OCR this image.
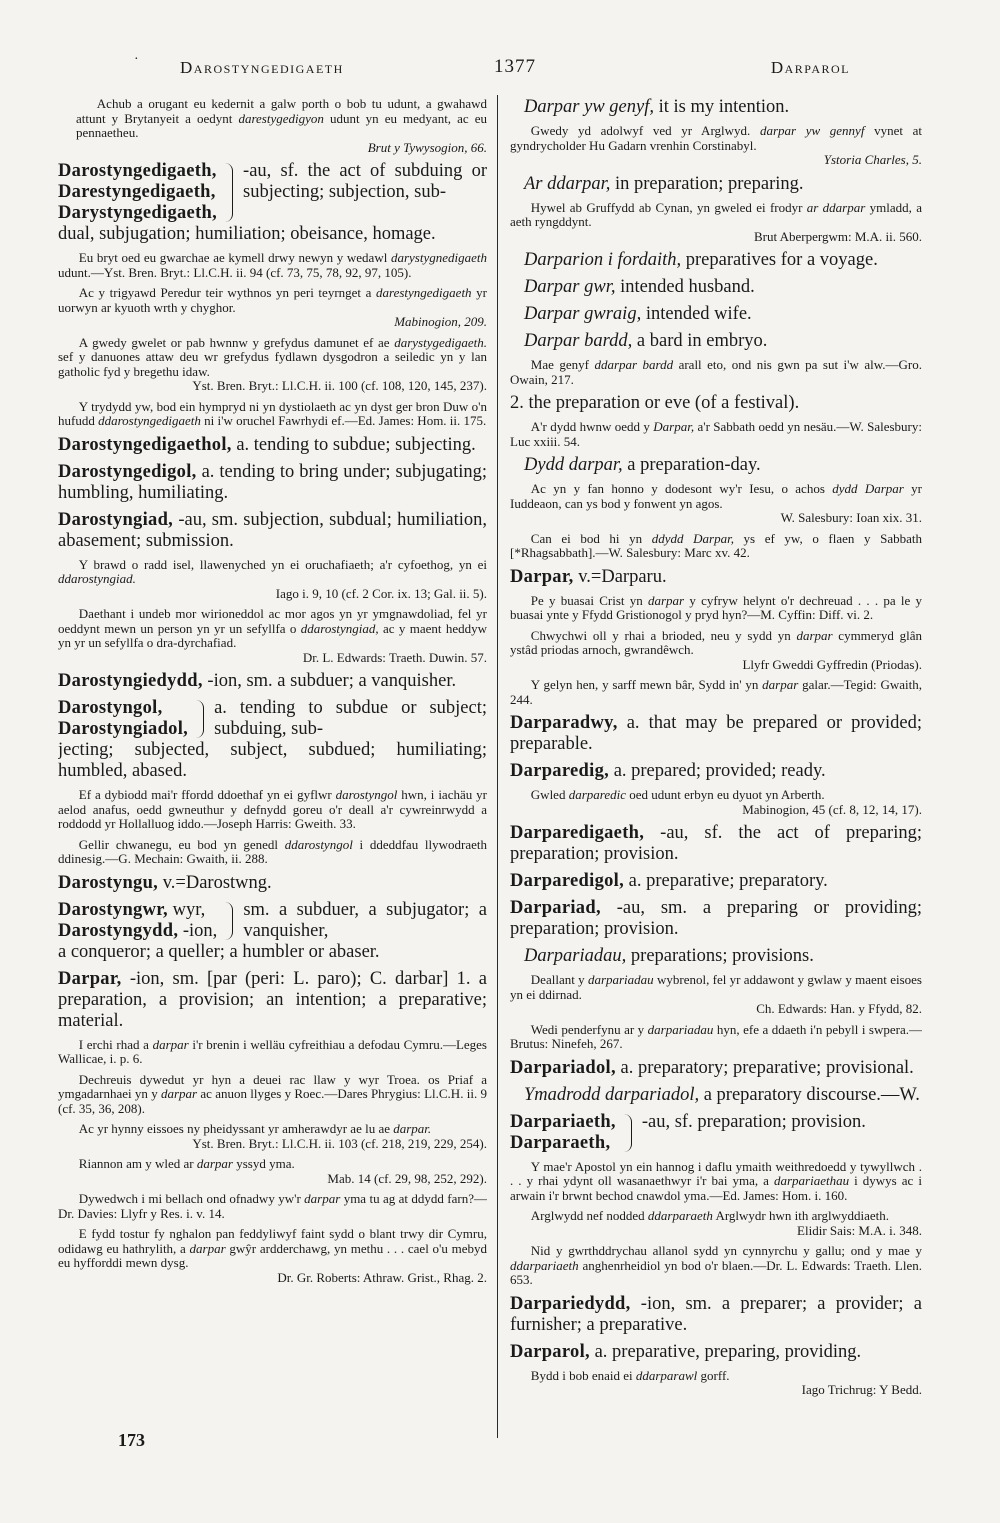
· Darostyngedigaeth	1377	Darparol

Achub a orugant eu kedernit a galw porth o bob tu udunt, a gwahawd attunt y Brytanyeit a oedynt darestygedigyon udunt yn eu medyant, ac eu pennaetheu.

Brut y Tywysogion, 66.
Darostyngedigaeth,
Darestyngedigaeth,
Darystyngedigaeth,
-au, sf. the act of subduing or subjecting; subjection, sub-
dual, subjugation; humiliation; obeisance, homage.

Eu bryt oed eu gwarchae ae kymell drwy newyn y wedawl darystygnedigaeth udunt.—Yst. Bren. Bryt.: Ll.C.H. ii. 94 (cf. 73, 75, 78, 92, 97, 105).

Ac y trigyawd Peredur teir wythnos yn peri teyrnget a darestyngedigaeth yr uorwyn ar kyuoth wrth y chyghor.

Mabinogion, 209.

A gwedy gwelet or pab hwnnw y grefydus damunet ef ae darystygedigaeth. sef y danuones attaw deu wr grefydus fydlawn dysgodron a seiledic yn y lan gatholic fyd y bregethu idaw.

Yst. Bren. Bryt.: Ll.C.H. ii. 100 (cf. 108, 120, 145, 237).

Y trydydd yw, bod ein hympryd ni yn dystiolaeth ac yn dyst ger bron Duw o'n hufudd ddarostyngedigaeth ni i'w oruchel Fawrhydi ef.—Ed. James: Hom. ii. 175.

Darostyngedigaethol, a. tending to subdue; subjecting.
Darostyngedigol, a. tending to bring under; subjugating; humbling, humiliating.
Darostyngiad, -au, sm. subjection, subdual; humiliation, abasement; submission.

Y brawd o radd isel, llawenyched yn ei oruchafiaeth; a'r cyfoethog, yn ei ddarostyngiad.

Iago i. 9, 10 (cf. 2 Cor. ix. 13; Gal. ii. 5).

Daethant i undeb mor wirioneddol ac mor agos yn yr ymgnawdoliad, fel yr oeddynt mewn un person yn yr un sefyllfa o ddarostyngiad, ac y maent heddyw yn yr un sefyllfa o dra-dyrchafiad.

Dr. L. Edwards: Traeth. Duwin. 57.
Darostyngiedydd, -ion, sm. a subduer; a vanquisher.
Darostyngol,
Darostyngiadol,
a. tending to subdue or subject; subduing, sub-
jecting; subjected, subject, subdued; humiliating; humbled, abased.

Ef a dybiodd mai'r ffordd ddoethaf yn ei gyflwr darostyngol hwn, i iachäu yr aelod anafus, oedd gwneuthur y defnydd goreu o'r deall a'r cywreinrwydd a roddodd yr Hollalluog iddo.—Joseph Harris: Gweith. 33.

Gellir chwanegu, eu bod yn genedl ddarostyngol i ddeddfau llywodraeth ddinesig.—G. Mechain: Gwaith, ii. 288.

Darostyngu, v.=Darostwng.
Darostyngwr, wyr,
Darostyngydd, -ion,
sm. a subduer, a subjugator; a vanquisher,
a conqueror; a queller; a humbler or abaser.
Darpar, -ion, sm. [par (peri: L. paro); C. darbar] 1. a preparation, a provision; an intention; a preparative; material.

I erchi rhad a darpar i'r brenin i welläu cyfreithiau a defodau Cymru.—Leges Wallicae, i. p. 6.

Dechreuis dywedut yr hyn a deuei rac llaw y wyr Troea. os Priaf a ymgadarnhaei yn y darpar ac anuon llyges y Roec.—Dares Phrygius: Ll.C.H. ii. 9 (cf. 35, 36, 208).

Ac yr hynny eissoes ny pheidyssant yr amherawdyr ae lu ae darpar.

Yst. Bren. Bryt.: Ll.C.H. ii. 103 (cf. 218, 219, 229, 254).

Riannon am y wled ar darpar yssyd yma.

Mab. 14 (cf. 29, 98, 252, 292).

Dywedwch i mi bellach ond ofnadwy yw'r darpar yma tu ag at ddydd farn?—Dr. Davies: Llyfr y Res. i. v. 14.

E fydd tostur fy nghalon pan feddyliwyf faint sydd o blant trwy dir Cymru, odidawg eu hathrylith, a darpar gwŷr ardderchawg, yn methu . . . cael o'u mebyd eu hyfforddi mewn dysg.

Dr. Gr. Roberts: Athraw. Grist., Rhag. 2.
Darpar yw genyf, it is my intention.

Gwedy yd adolwyf ved yr Arglwyd. darpar yw gennyf vynet at gyndrycholder Hu Gadarn vrenhin Corstinabyl.

Ystoria Charles, 5.
Ar ddarpar, in preparation; preparing.

Hywel ab Gruffydd ab Cynan, yn gweled ei frodyr ar ddarpar ymladd, a aeth ryngddynt.

Brut Aberpergwm: M.A. ii. 560.
Darparion i fordaith, preparatives for a voyage.
Darpar gwr, intended husband.
Darpar gwraig, intended wife.
Darpar bardd, a bard in embryo.

Mae genyf ddarpar bardd arall eto, ond nis gwn pa sut i'w alw.—Gro. Owain, 217.

2. the preparation or eve (of a festival).

A'r dydd hwnw oedd y Darpar, a'r Sabbath oedd yn nesäu.—W. Salesbury: Luc xxiii. 54.

Dydd darpar, a preparation-day.

Ac yn y fan honno y dodesont wy'r Iesu, o achos dydd Darpar yr Iuddeaon, can ys bod y fonwent yn agos.

W. Salesbury: Ioan xix. 31.

Can ei bod hi yn ddydd Darpar, ys ef yw, o flaen y Sabbath [*Rhagsabbath].—W. Salesbury: Marc xv. 42.

Darpar, v.=Darparu.

Pe y buasai Crist yn darpar y cyfryw helynt o'r dechreuad . . . pa le y buasai ynte y Ffydd Gristionogol y pryd hyn?—M. Cyffin: Diff. vi. 2.

Chwychwi oll y rhai a brioded, neu y sydd yn darpar cymmeryd glân ystâd priodas arnoch, gwrandêwch.

Llyfr Gweddi Gyffredin (Priodas).

Y gelyn hen, y sarff mewn bâr, Sydd in' yn darpar galar.—Tegid: Gwaith, 244.

Darparadwy, a. that may be prepared or provided; preparable.
Darparedig, a. prepared; provided; ready.

Gwled darparedic oed udunt erbyn eu dyuot yn Arberth.

Mabinogion, 45 (cf. 8, 12, 14, 17).
Darparedigaeth, -au, sf. the act of preparing; preparation; provision.
Darparedigol, a. preparative; preparatory.
Darpariad, -au, sm. a preparing or providing; preparation; provision.
Darpariadau, preparations; provisions.

Deallant y darpariadau wybrenol, fel yr addawont y gwlaw y maent eisoes yn ei ddirnad.

Ch. Edwards: Han. y Ffydd, 82.

Wedi penderfynu ar y darpariadau hyn, efe a ddaeth i'n pebyll i swpera.—Brutus: Ninefeh, 267.

Darpariadol, a. preparatory; preparative; provisional.
Ymadrodd darpariadol, a preparatory discourse.—W.
Darpariaeth,
Darparaeth,
-au, sf. preparation; provision.

Y mae'r Apostol yn ein hannog i daflu ymaith weithredoedd y tywyllwch . . . y rhai ydynt oll wasanaethwyr i'r bai yma, a darpariaethau i dywys ac i arwain i'r brwnt bechod cnawdol yma.—Ed. James: Hom. i. 160.

Arglwydd nef nodded ddarparaeth Arglwydr hwn ith arglwyddiaeth.

Elidir Sais: M.A. i. 348.

Nid y gwrthddrychau allanol sydd yn cynnyrchu y gallu; ond y mae y ddarpariaeth anghenrheidiol yn bod o'r blaen.—Dr. L. Edwards: Traeth. Llen. 653.

Darpariedydd, -ion, sm. a preparer; a provider; a furnisher; a preparative.
Darparol, a. preparative, preparing, providing.

Bydd i bob enaid ei ddarparawl gorff.

Iago Trichrug: Y Bedd.
173
